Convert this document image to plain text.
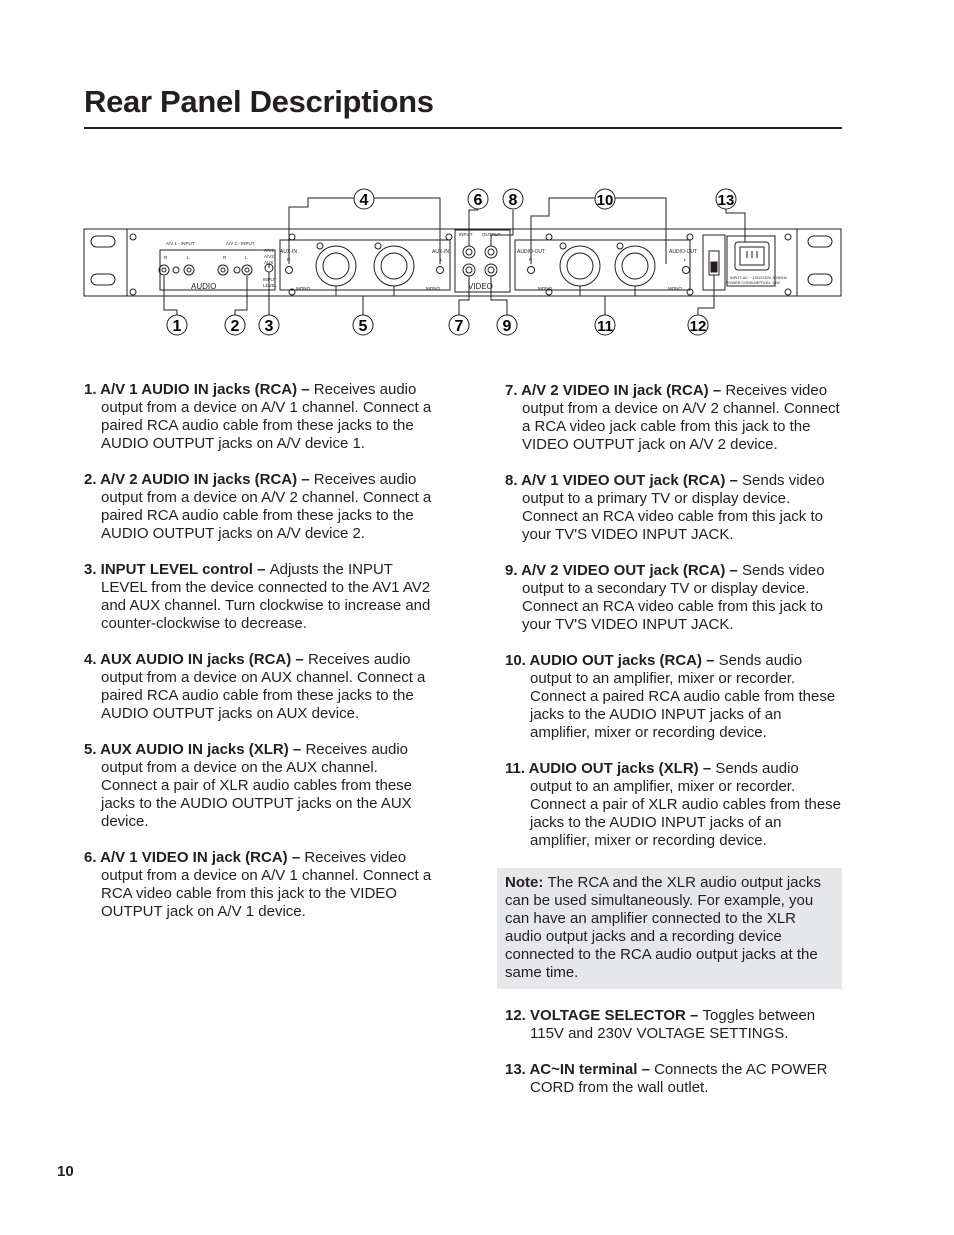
Rear Panel Descriptions
1	2 3
4
5
6
7
8
9
10
11	12
13
A/V 1 - INPUT	A/V 2 - INPUT
R	L	R	L
A/V1
A/V2
AUX
INPUT
LEVEL
AUX-IN
R
MONO	MONO
AUX-IN
L
INPUT OUTPUT
AUDIO-OUT
R
MONO	MONO
AUDIO-OUT
L
INPUT: AC ~ 115V/230V, 50/60Hz
POWER CONSUMPTION: 10W
AUDIO	VIDEO
1. A/V 1 AUDIO IN jacks (RCA) – Receives audio output from a device on A/V 1 channel. Connect a paired RCA audio cable from these jacks to the AUDIO OUTPUT jacks on A/V device 1.
2. A/V 2 AUDIO IN jacks (RCA) – Receives audio output from a device on A/V 2 channel. Connect a paired RCA audio cable from these jacks to the AUDIO OUTPUT jacks on A/V device 2.
3. INPUT LEVEL control – Adjusts the INPUT LEVEL from the device connected to the AV1 AV2 and AUX channel. Turn clockwise to increase and counter-clockwise to decrease.
4. AUX AUDIO IN jacks (RCA) – Receives audio output from a device on AUX channel. Connect a paired RCA audio cable from these jacks to the AUDIO OUTPUT jacks on AUX device.
5. AUX AUDIO IN jacks (XLR) – Receives audio output from a device on the AUX channel. Connect a pair of XLR audio cables from these jacks to the AUDIO OUTPUT jacks on the AUX device.
6. A/V 1 VIDEO IN jack (RCA) – Receives video output from a device on A/V 1 channel. Connect a RCA video cable from this jack to the VIDEO OUTPUT jack on A/V 1 device.
7. A/V 2 VIDEO IN jack (RCA) – Receives video output from a device on A/V 2 channel. Connect a RCA video jack cable from this jack to the VIDEO OUTPUT jack on A/V 2 device.
8. A/V 1 VIDEO OUT jack (RCA) – Sends video output to a primary TV or display device. Connect an RCA video cable from this jack to your TV'S VIDEO INPUT JACK.
9. A/V 2 VIDEO OUT jack (RCA) – Sends video output to a secondary TV or display device. Connect an RCA video cable from this jack to your TV'S VIDEO INPUT JACK.
10. AUDIO OUT jacks (RCA) – Sends audio output to an amplifier, mixer or recorder. Connect a paired RCA audio cable from these jacks to the AUDIO INPUT jacks of an amplifier, mixer or recording device.
11. AUDIO OUT jacks (XLR) – Sends audio output to an amplifier, mixer or recorder. Connect a pair of XLR audio cables from these jacks to the AUDIO INPUT jacks of an amplifier, mixer or recording device.
Note: The RCA and the XLR audio output jacks can be used simultaneously. For example, you can have an amplifier connected to the XLR audio output jacks and a recording device connected to the RCA audio output jacks at the same time.
12. VOLTAGE SELECTOR – Toggles between 115V and 230V VOLTAGE SETTINGS.
13. AC~IN terminal – Connects the AC POWER CORD from the wall outlet.
10
